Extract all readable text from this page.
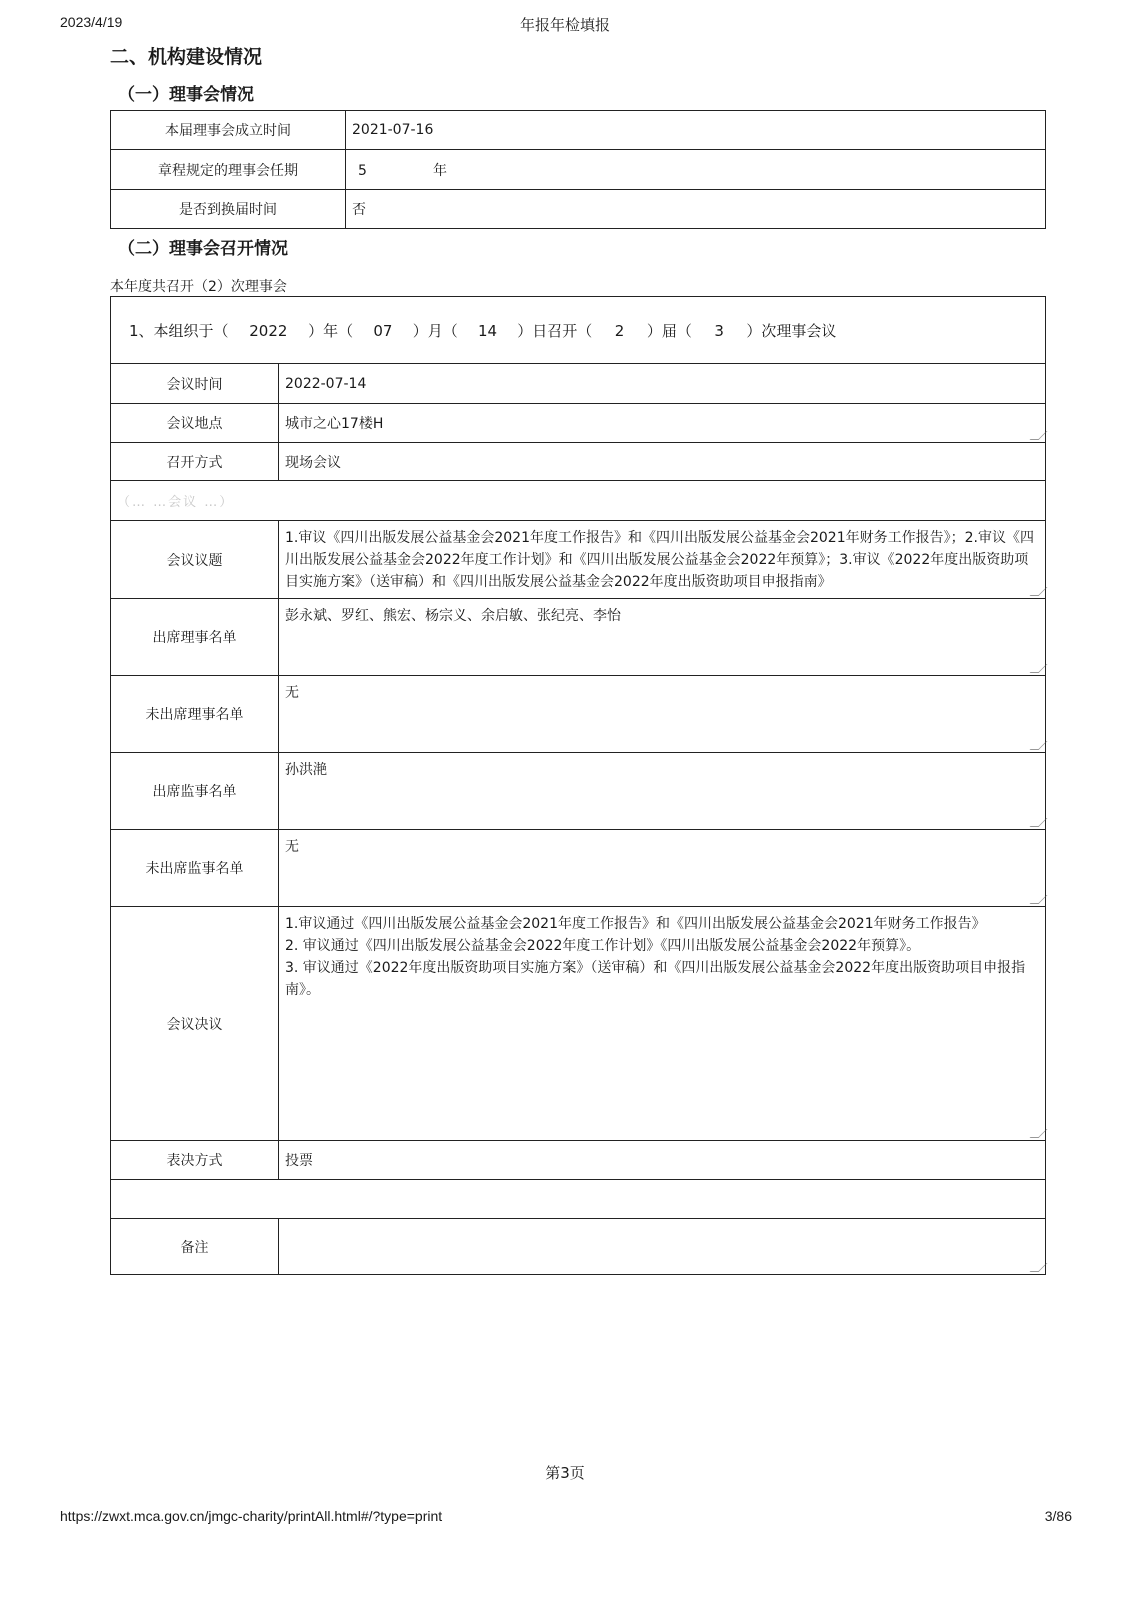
2023/4/19	年报年检填报
二、机构建设情况
（一）理事会情况
本届理事会成立时间	2021-07-16
章程规定的理事会任期	5 年
是否到换届时间	否
（二）理事会召开情况
本年度共召开（2）次理事会
1、本组织于（ 2022 ）年（ 07 ）月（ 14 ）日召开（ 2 ）届（ 3 ）次理事会议	
会议时间	2022-07-14
会议地点	城市之心17楼H

召开方式	现场会议
（… …会议 …）	
会议议题	1.审议《四川出版发展公益基金会2021年度工作报告》和《四川出版发展公益基金会2021年财务工作报告》；2.审议《四川出版发展公益基金会2022年度工作计划》和《四川出版发展公益基金会2022年预算》；3.审议《2022年度出版资助项目实施方案》（送审稿）和《四川出版发展公益基金会2022年度出版资助项目申报指南》

出席理事名单	彭永斌、罗红、熊宏、杨宗义、余启敏、张纪亮、李怡

未出席理事名单	无

出席监事名单	孙洪滟

未出席监事名单	无

会议决议	1.审议通过《四川出版发展公益基金会2021年度工作报告》和《四川出版发展公益基金会2021年财务工作报告》
2. 审议通过《四川出版发展公益基金会2022年度工作计划》《四川出版发展公益基金会2022年预算》。
3. 审议通过《2022年度出版资助项目实施方案》（送审稿）和《四川出版发展公益基金会2022年度出版资助项目申报指南》。

表决方式	投票

备注	
第3页
https://zwxt.mca.gov.cn/jmgc-charity/printAll.html#/?type=print	3/86
